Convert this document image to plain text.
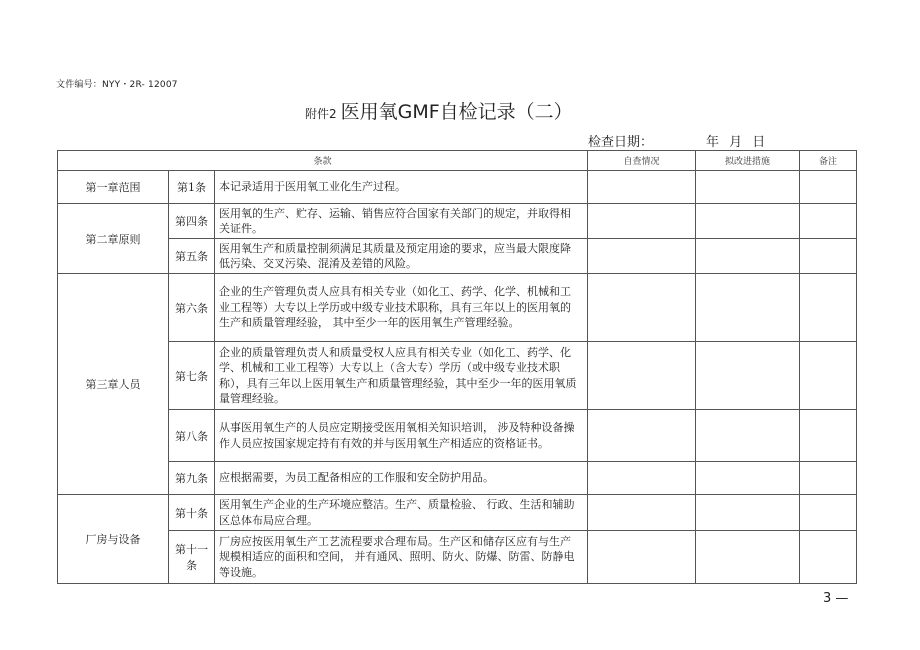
文件编号：NYY・2R- 12007
附件2 医用氧GMF自检记录（二）
检查日期：	年 月 日
条款			自查情况	拟改进措施	备注
第一章范围	第1条	本记录适用于医用氧工业化生产过程。			
第二章原则	第四条	医用氧的生产、贮存、运输、销售应符合国家有关部门的规定，并取得相关证件。			
	第五条	医用氧生产和质量控制须满足其质量及预定用途的要求，应当最大限度降低污染、交叉污染、混淆及差错的风险。			
第三章人员	第六条	企业的生产管理负责人应具有相关专业（如化工、药学、化学、机械和工业工程等）大专以上学历或中级专业技术职称，具有三年以上的医用氧的生产和质量管理经验， 其中至少一年的医用氧生产管理经验。			
	第七条	企业的质量管理负责人和质量受权人应具有相关专业（如化工、药学、化学、机械和工业工程等）大专以上（含大专）学历（或中级专业技术职称），具有三年以上医用氧生产和质量管理经验，其中至少一年的医用氧质量管理经验。			
	第八条	从事医用氧生产的人员应定期接受医用氧相关知识培训， 涉及特种设备操作人员应按国家规定持有有效的并与医用氧生产相适应的资格证书。			
	第九条	应根据需要，为员工配备相应的工作服和安全防护用品。			
厂房与设备	第十条	医用氧生产企业的生产环境应整洁。生产、质量检验、 行政、生活和辅助区总体布局应合理。			
	第十一条	厂房应按医用氧生产工艺流程要求合理布局。生产区和储存区应有与生产规模相适应的面积和空间， 并有通风、照明、防火、防爆、防雷、防静电等设施。			
3 —
